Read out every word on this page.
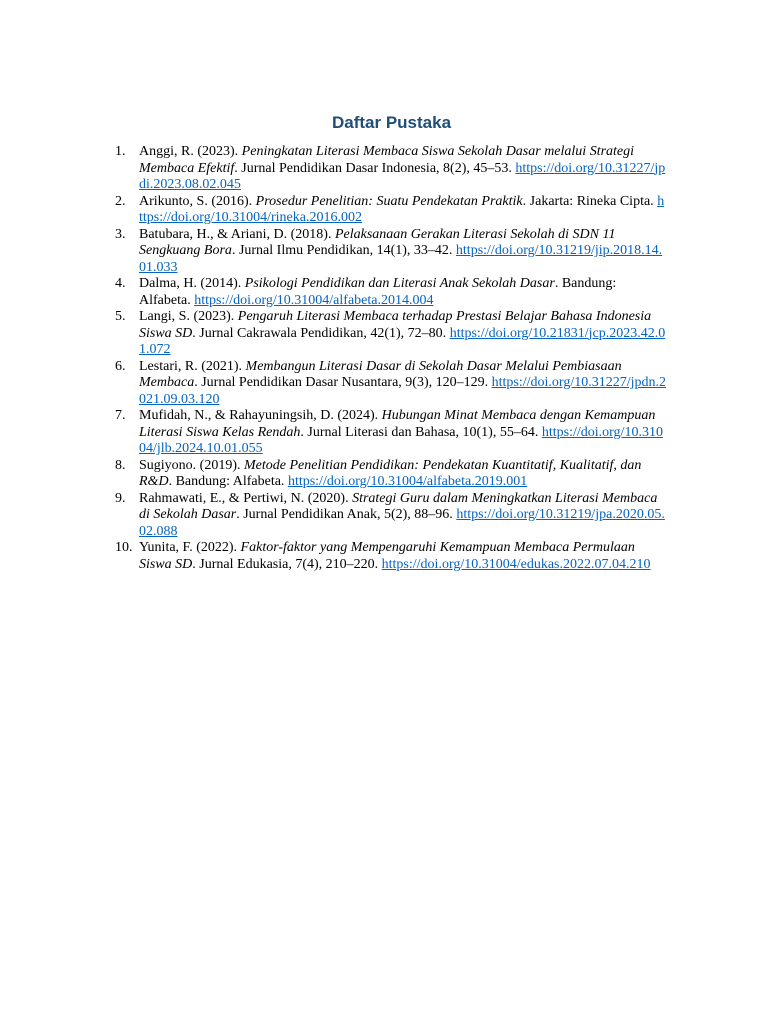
Daftar Pustaka
1. Anggi, R. (2023). Peningkatan Literasi Membaca Siswa Sekolah Dasar melalui Strategi Membaca Efektif. Jurnal Pendidikan Dasar Indonesia, 8(2), 45–53. https://doi.org/10.31227/jpdi.2023.08.02.045
2. Arikunto, S. (2016). Prosedur Penelitian: Suatu Pendekatan Praktik. Jakarta: Rineka Cipta. https://doi.org/10.31004/rineka.2016.002
3. Batubara, H., & Ariani, D. (2018). Pelaksanaan Gerakan Literasi Sekolah di SDN 11 Sengkuang Bora. Jurnal Ilmu Pendidikan, 14(1), 33–42. https://doi.org/10.31219/jip.2018.14.01.033
4. Dalma, H. (2014). Psikologi Pendidikan dan Literasi Anak Sekolah Dasar. Bandung: Alfabeta. https://doi.org/10.31004/alfabeta.2014.004
5. Langi, S. (2023). Pengaruh Literasi Membaca terhadap Prestasi Belajar Bahasa Indonesia Siswa SD. Jurnal Cakrawala Pendidikan, 42(1), 72–80. https://doi.org/10.21831/jcp.2023.42.01.072
6. Lestari, R. (2021). Membangun Literasi Dasar di Sekolah Dasar Melalui Pembiasaan Membaca. Jurnal Pendidikan Dasar Nusantara, 9(3), 120–129. https://doi.org/10.31227/jpdn.2021.09.03.120
7. Mufidah, N., & Rahayuningsih, D. (2024). Hubungan Minat Membaca dengan Kemampuan Literasi Siswa Kelas Rendah. Jurnal Literasi dan Bahasa, 10(1), 55–64. https://doi.org/10.31004/jlb.2024.10.01.055
8. Sugiyono. (2019). Metode Penelitian Pendidikan: Pendekatan Kuantitatif, Kualitatif, dan R&D. Bandung: Alfabeta. https://doi.org/10.31004/alfabeta.2019.001
9. Rahmawati, E., & Pertiwi, N. (2020). Strategi Guru dalam Meningkatkan Literasi Membaca di Sekolah Dasar. Jurnal Pendidikan Anak, 5(2), 88–96. https://doi.org/10.31219/jpa.2020.05.02.088
10. Yunita, F. (2022). Faktor-faktor yang Mempengaruhi Kemampuan Membaca Permulaan Siswa SD. Jurnal Edukasia, 7(4), 210–220. https://doi.org/10.31004/edukas.2022.07.04.210
